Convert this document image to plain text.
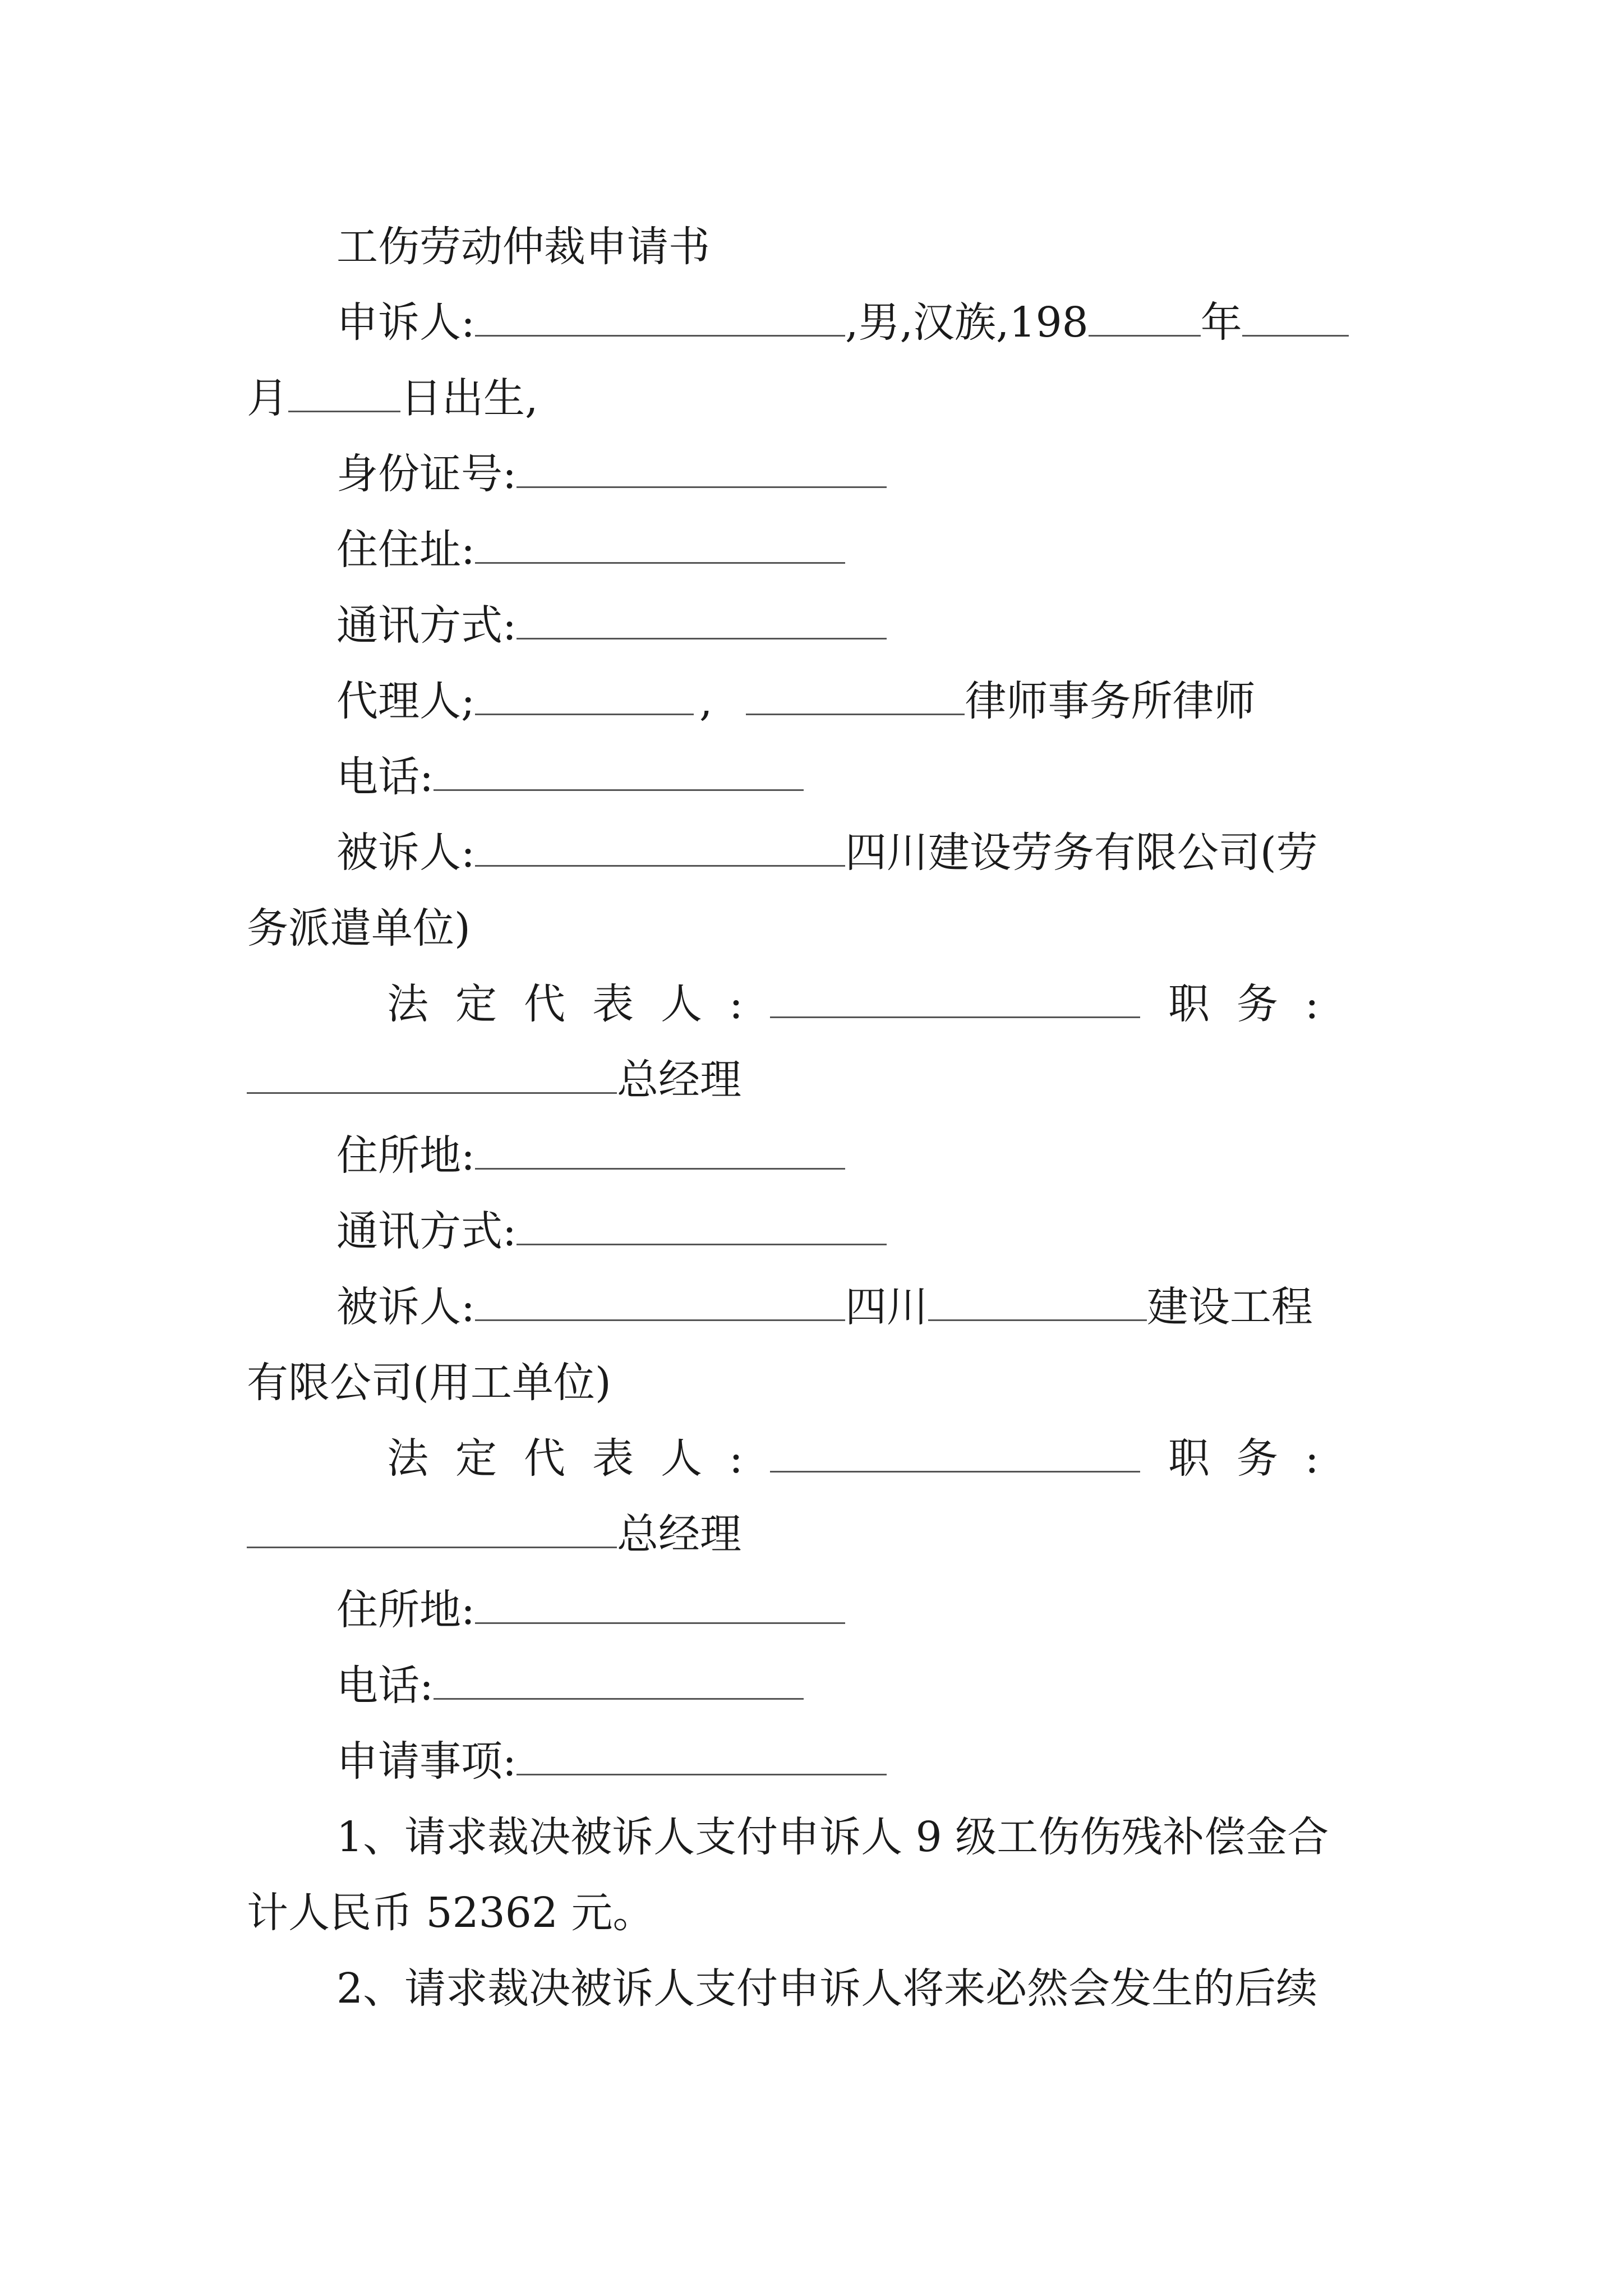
工伤劳动仲裁申请书
申诉人:	,男,汉族,198	年
月	日出生,
身份证号:
住住址:
通讯方式:
代理人;	,	律师事务所律师
电话:
被诉人:	四川建设劳务有限公司(劳
务派遣单位)
法定代表人:	职务:
总经理
住所地:
通讯方式:
被诉人:	四川	建设工程
有限公司(用工单位)
法定代表人:	职务:
总经理
住所地:
电话:
申请事项:
1、请求裁决被诉人支付申诉人 9 级工伤伤残补偿金合
计人民币 52362 元。
2、请求裁决被诉人支付申诉人将来必然会发生的后续
